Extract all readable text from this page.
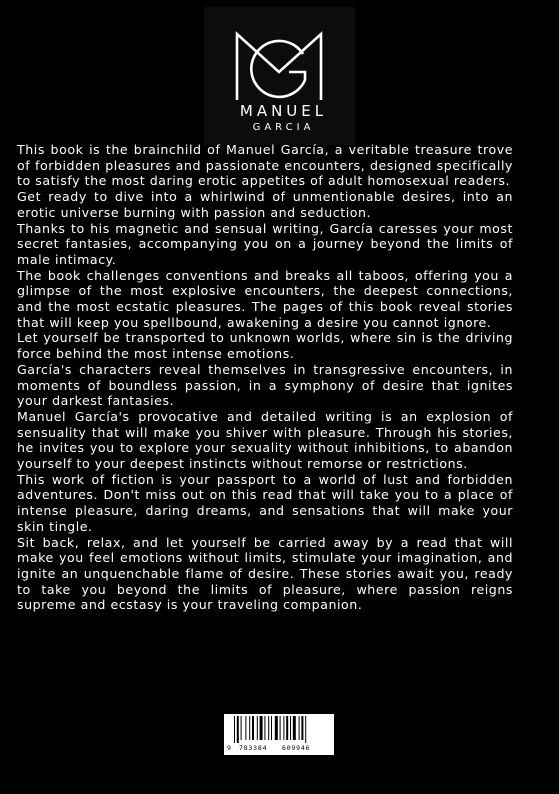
MANUEL
GARCIA

This book is the brainchild of Manuel García, a veritable treasure trove of forbidden pleasures and passionate encounters, designed specifically to satisfy the most daring erotic appetites of adult homosexual readers.

Get ready to dive into a whirlwind of unmentionable desires, into an erotic universe burning with passion and seduction.

Thanks to his magnetic and sensual writing, García caresses your most secret fantasies, accompanying you on a journey beyond the limits of male intimacy.

The book challenges conventions and breaks all taboos, offering you a glimpse of the most explosive encounters, the deepest connections, and the most ecstatic pleasures. The pages of this book reveal stories that will keep you spellbound, awakening a desire you cannot ignore.

Let yourself be transported to unknown worlds, where sin is the driving force behind the most intense emotions.

García's characters reveal themselves in transgressive encounters, in moments of boundless passion, in a symphony of desire that ignites your darkest fantasies.

Manuel García's provocative and detailed writing is an explosion of sensuality that will make you shiver with pleasure. Through his stories, he invites you to explore your sexuality without inhibitions, to abandon yourself to your deepest instincts without remorse or restrictions.

This work of fiction is your passport to a world of lust and forbidden adventures. Don't miss out on this read that will take you to a place of intense pleasure, daring dreams, and sensations that will make your skin tingle.

Sit back, relax, and let yourself be carried away by a read that will make you feel emotions without limits, stimulate your imagination, and ignite an unquenchable flame of desire. These stories await you, ready to take you beyond the limits of pleasure, where passion reigns supreme and ecstasy is your traveling companion.

9 783384 609946
